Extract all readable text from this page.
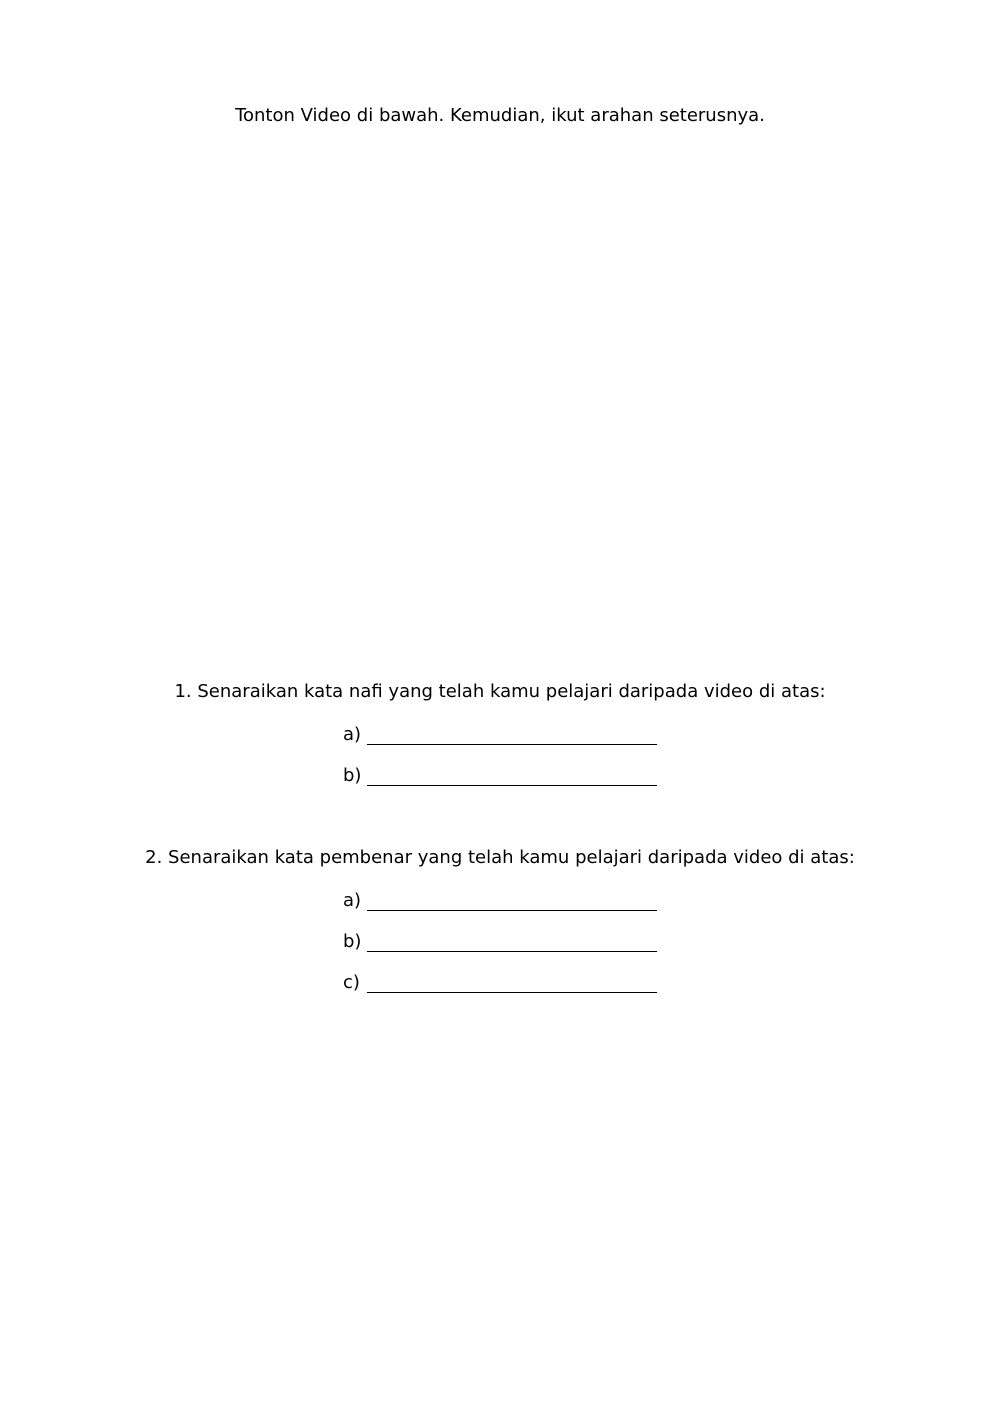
Tonton Video di bawah. Kemudian, ikut arahan seterusnya.
1. Senaraikan kata nafi yang telah kamu pelajari daripada video di atas:
a)
b)
2. Senaraikan kata pembenar yang telah kamu pelajari daripada video di atas:
a)
b)
c)
